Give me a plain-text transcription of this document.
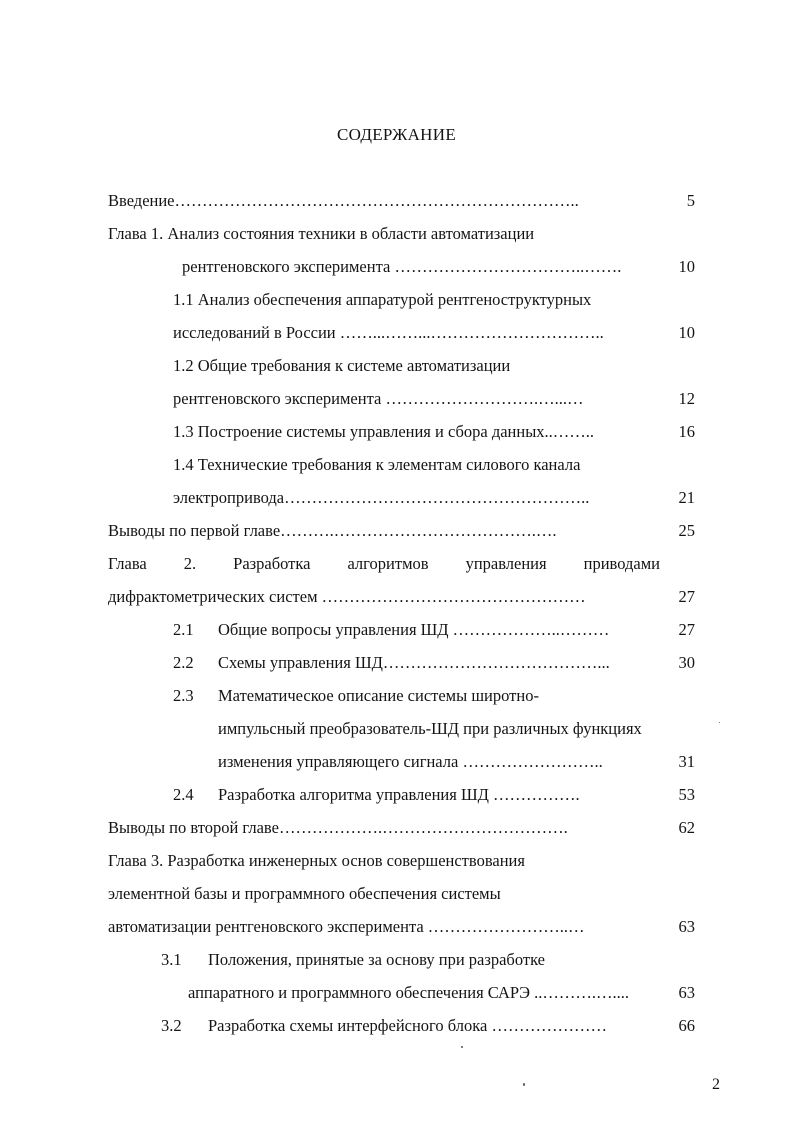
СОДЕРЖАНИЕ
Введение………………………………………………………………..	5
Глава 1. Анализ состояния техники в области автоматизации
рентгеновского эксперимента ……………………………..…….	10
1.1 Анализ обеспечения аппаратурой рентгеноструктурных
исследований в России ……...……...…………………………..	10
1.2 Общие требования к системе автоматизации
рентгеновского эксперимента ……………………….…...…	12
1.3 Построение системы управления и сбора данных..……..	16
1.4 Технические требования к элементам силового канала
электропривода………………………………………………..	21
Выводы по первой главе……….……………………………….….	25
Глава 2. Разработка алгоритмов управления приводами
дифрактометрических систем …………………………………………	27
2.1 Общие вопросы управления ШД ………………..………	27
2.2 Схемы управления ШД…………………………………...	30
2.3 Математическое описание системы широтно-
импульсный преобразователь-ШД при различных функциях
изменения управляющего сигнала ……………………..	31
2.4 Разработка алгоритма управления ШД …………….	53
Выводы по второй главе……………….…………………………….	62
Глава 3. Разработка инженерных основ совершенствования
элементной базы и программного обеспечения системы
автоматизации рентгеновского эксперимента ……………………..…	63
3.1 Положения, принятые за основу при разработке
аппаратного и программного обеспечения САРЭ ..……….…....	63
3.2 Разработка схемы интерфейсного блока …………………	66
2
